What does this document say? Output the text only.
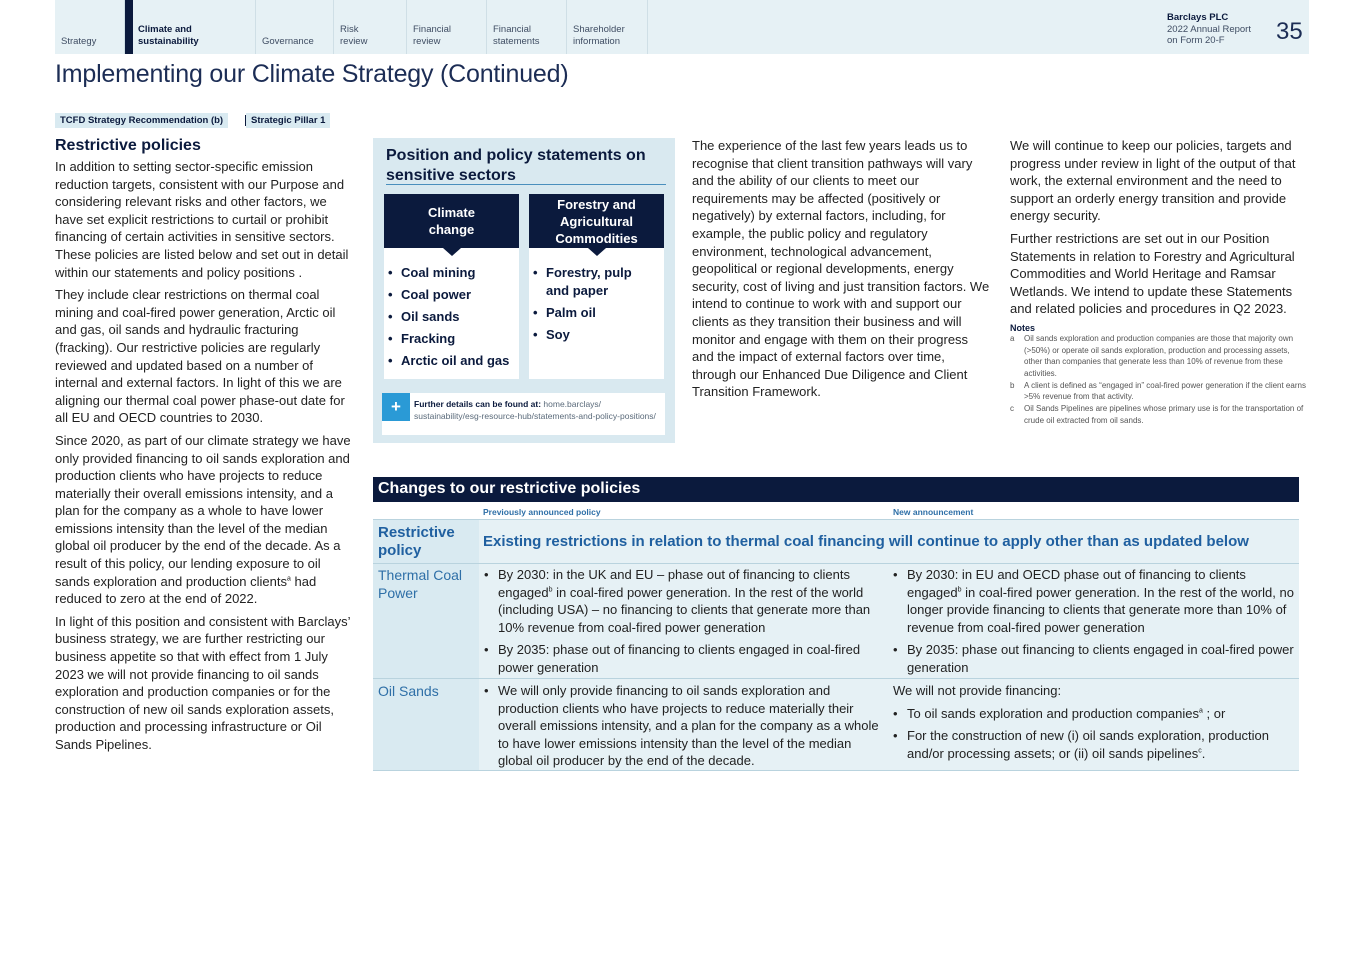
Strategy
Climate and
sustainability	Governance
Risk
review
Financial
review
Financial
statements
Shareholder
information
Barclays PLC
2022 Annual Report
on Form 20-F	35
Implementing our Climate Strategy (Continued)
TCFD Strategy Recommendation (b)	Strategic Pillar 1
Restrictive policies

In addition to setting sector-specific emission reduction targets, consistent with our Purpose and considering relevant risks and other factors, we have set explicit restrictions to curtail or prohibit financing of certain activities in sensitive sectors. These policies are listed below and set out in detail within our statements and policy positions .

They include clear restrictions on thermal coal mining and coal-fired power generation, Arctic oil and gas, oil sands and hydraulic fracturing (fracking). Our restrictive policies are regularly reviewed and updated based on a number of internal and external factors. In light of this we are aligning our thermal coal power phase-out date for all EU and OECD countries to 2030.

Since 2020, as part of our climate strategy we have only provided financing to oil sands exploration and production clients who have projects to reduce materially their overall emissions intensity, and a plan for the company as a whole to have lower emissions intensity than the level of the median global oil producer by the end of the decade. As a result of this policy, our lending exposure to oil sands exploration and production clients$^a$ had reduced to zero at the end of 2022.

In light of this position and consistent with Barclays’ business strategy, we are further restricting our business appetite so that with effect from 1 July 2023 we will not provide financing to oil sands exploration and production companies or for the construction of new oil sands exploration assets, production and processing infrastructure or Oil Sands Pipelines.

Position and policy statements on sensitive sectors
Climate
change
• Coal mining
• Coal power
• Oil sands
• Fracking
• Arctic oil and gas
Forestry and
Agricultural
Commodities
• Forestry, pulp and paper
• Palm oil
• Soy
+	Further details can be found at: home.barclays/ sustainability/esg-resource-hub/statements-and-policy-positions/

The experience of the last few years leads us to recognise that client transition pathways will vary and the ability of our clients to meet our requirements may be affected (positively or negatively) by external factors, including, for example, the public policy and regulatory environment, technological advancement, geopolitical or regional developments, energy security, cost of living and just transition factors. We intend to continue to work with and support our clients as they transition their business and will monitor and engage with them on their progress and the impact of external factors over time, through our Enhanced Due Diligence and Client Transition Framework.

We will continue to keep our policies, targets and progress under review in light of the output of that work, the external environment and the need to support an orderly energy transition and provide energy security.

Further restrictions are set out in our Position Statements in relation to Forestry and Agricultural Commodities and World Heritage and Ramsar Wetlands. We intend to update these Statements and related policies and procedures in Q2 2023.

Notes
a Oil sands exploration and production companies are those that majority own (>50%) or operate oil sands exploration, production and processing assets, other than companies that generate less than 10% of revenue from these activities.
b A client is defined as “engaged in” coal-fired power generation if the client earns >5% revenue from that activity.
c Oil Sands Pipelines are pipelines whose primary use is for the transportation of crude oil extracted from oil sands.
Changes to our restrictive policies
Previously announced policy	New announcement
Restrictive policy
Existing restrictions in relation to thermal coal financing will continue to apply other than as updated below
Thermal Coal Power
• By 2030: in the UK and EU – phase out of financing to clients engaged$^b$ in coal-fired power generation. In the rest of the world (including USA) – no financing to clients that generate more than 10% revenue from coal-fired power generation
• By 2035: phase out of financing to clients engaged in coal-fired power generation
• By 2030: in EU and OECD phase out of financing to clients engaged$^b$ in coal-fired power generation. In the rest of the world, no longer provide financing to clients that generate more than 10% of revenue from coal-fired power generation
• By 2035: phase out financing to clients engaged in coal-fired power generation
Oil Sands
•	We will only provide financing to oil sands exploration and production clients who have projects to reduce materially their overall emissions intensity, and a plan for the company as a whole to have lower emissions intensity than the level of the median global oil producer by the end of the decade.
We will not provide financing:
• To oil sands exploration and production companies$^a$ ; or
• For the construction of new (i) oil sands exploration, production and/or processing assets; or (ii) oil sands pipelines$^c$.
